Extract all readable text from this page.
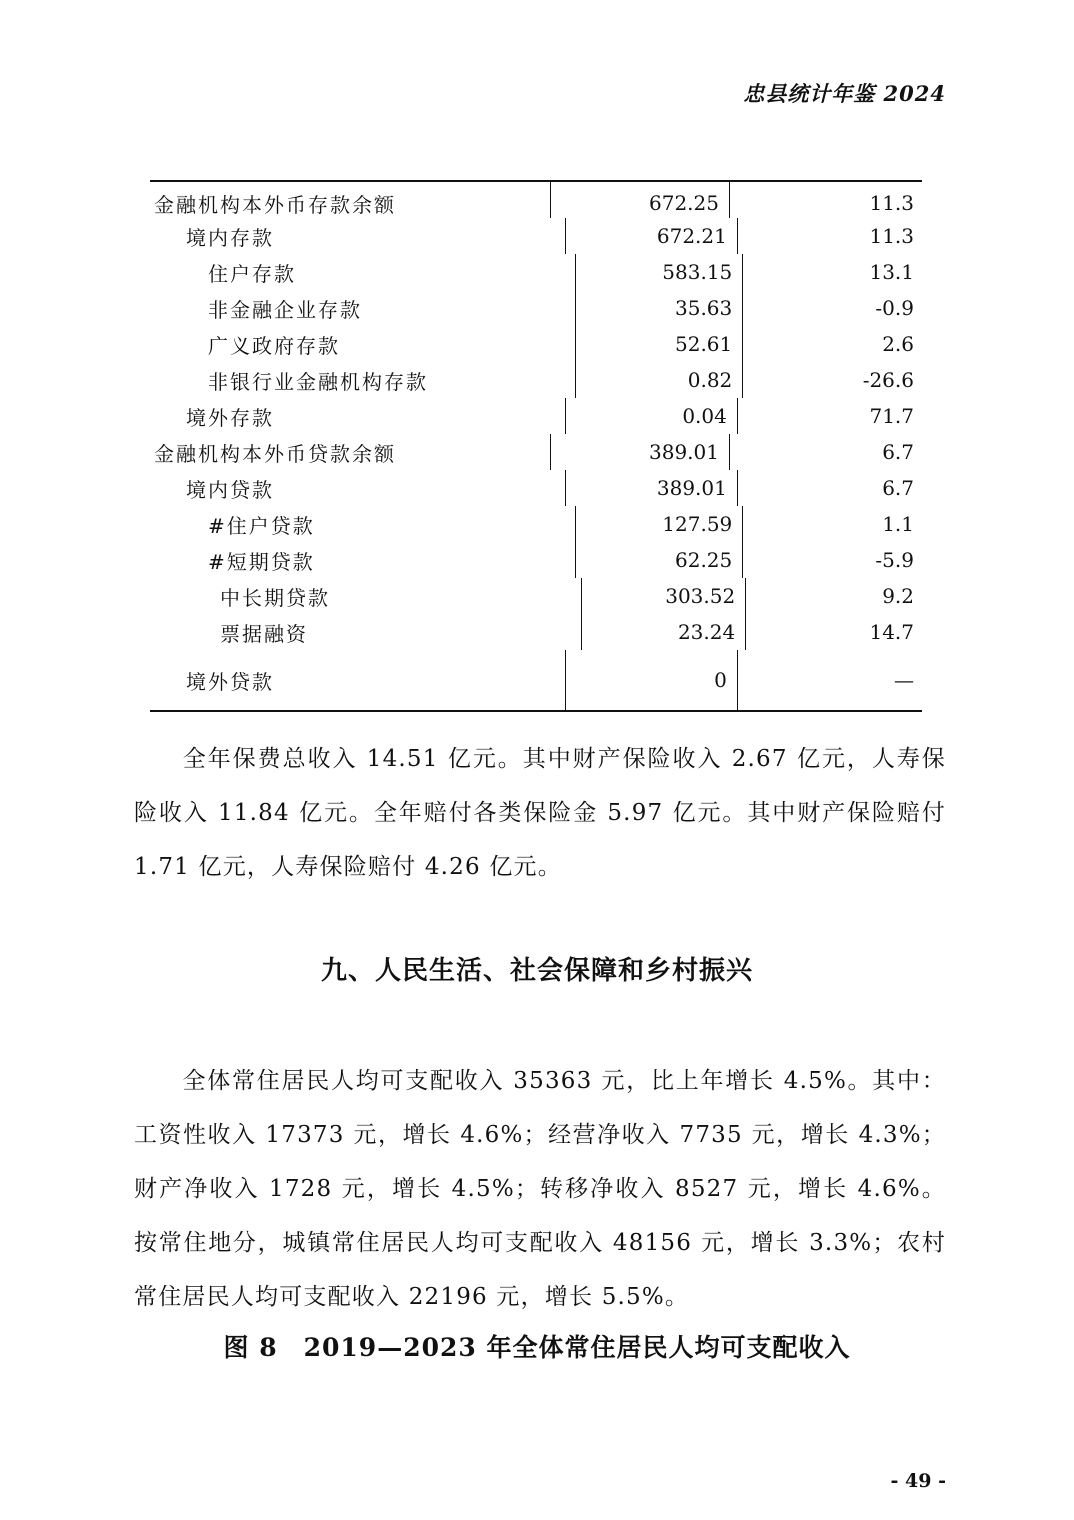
忠县统计年鉴 2024
金融机构本外币存款余额	672.25	11.3
境内存款	672.21	11.3
住户存款	583.15	13.1
非金融企业存款	35.63	-0.9
广义政府存款	52.61	2.6
非银行业金融机构存款	0.82	-26.6
境外存款	0.04	71.7
金融机构本外币贷款余额	389.01	6.7
境内贷款	389.01	6.7
#住户贷款	127.59	1.1
#短期贷款	62.25	-5.9
中长期贷款	303.52	9.2
票据融资	23.24	14.7
境外贷款	0	—
全年保费总收入 14.51 亿元。其中财产保险收入 2.67 亿元，人寿保险收入 11.84 亿元。全年赔付各类保险金 5.97 亿元。其中财产保险赔付 1.71 亿元，人寿保险赔付 4.26 亿元。
九、人民生活、社会保障和乡村振兴
全体常住居民人均可支配收入 35363 元，比上年增长 4.5%。其中：工资性收入 17373 元，增长 4.6%；经营净收入 7735 元，增长 4.3%；财产净收入 1728 元，增长 4.5%；转移净收入 8527 元，增长 4.6%。按常住地分，城镇常住居民人均可支配收入 48156 元，增长 3.3%；农村常住居民人均可支配收入 22196 元，增长 5.5%。
图 8　2019—2023 年全体常住居民人均可支配收入
- 49 -
